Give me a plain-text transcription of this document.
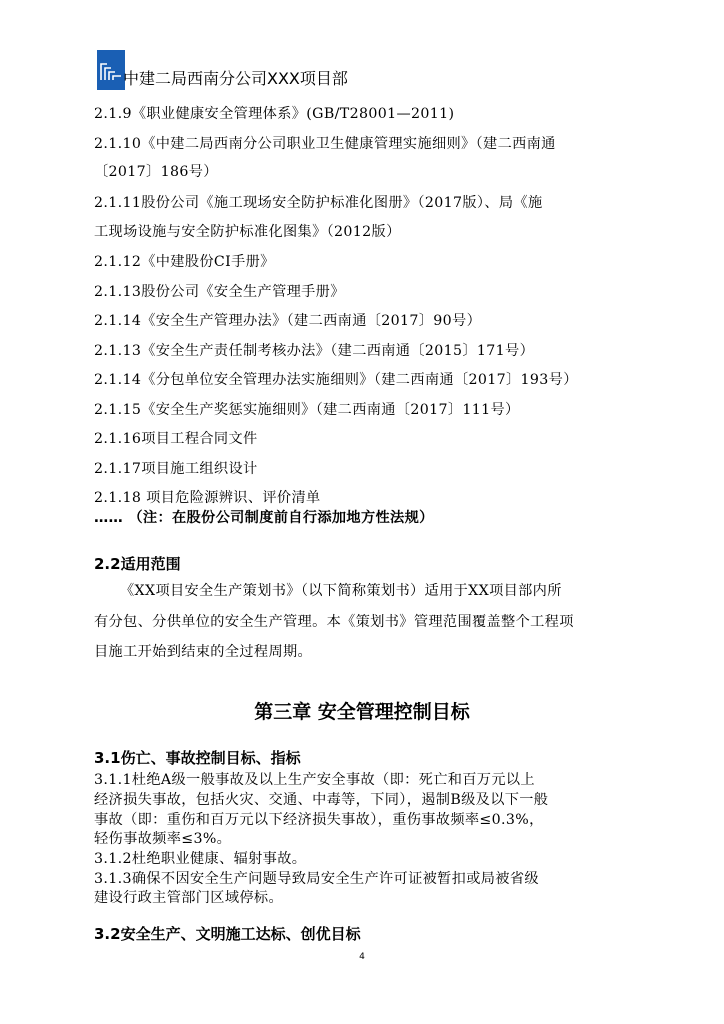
中建二局西南分公司XXX项目部
2.1.9《职业健康安全管理体系》(GB/T28001—2011)
2.1.10《中建二局西南分公司职业卫生健康管理实施细则》（建二西南通
〔2017〕186号）
2.1.11股份公司《施工现场安全防护标准化图册》（2017版）、局《施
工现场设施与安全防护标准化图集》（2012版）
2.1.12《中建股份CI手册》
2.1.13股份公司《安全生产管理手册》
2.1.14《安全生产管理办法》（建二西南通〔2017〕90号）
2.1.13《安全生产责任制考核办法》（建二西南通〔2015〕171号）
2.1.14《分包单位安全管理办法实施细则》（建二西南通〔2017〕193号）
2.1.15《安全生产奖惩实施细则》（建二西南通〔2017〕111号）
2.1.16项目工程合同文件
2.1.17项目施工组织设计
2.1.18 项目危险源辨识、评价清单
…… （注：在股份公司制度前自行添加地方性法规）
2.2适用范围
《XX项目安全生产策划书》（以下简称策划书）适用于XX项目部内所
有分包、分供单位的安全生产管理。本《策划书》管理范围覆盖整个工程项
目施工开始到结束的全过程周期。
第三章 安全管理控制目标
3.1伤亡、事故控制目标、指标
3.1.1杜绝A级一般事故及以上生产安全事故（即：死亡和百万元以上
经济损失事故，包括火灾、交通、中毒等，下同），遏制B级及以下一般
事故（即：重伤和百万元以下经济损失事故），重伤事故频率≤0.3%，
轻伤事故频率≤3%。
3.1.2杜绝职业健康、辐射事故。
3.1.3确保不因安全生产问题导致局安全生产许可证被暂扣或局被省级
建设行政主管部门区域停标。
3.2安全生产、文明施工达标、创优目标
4
